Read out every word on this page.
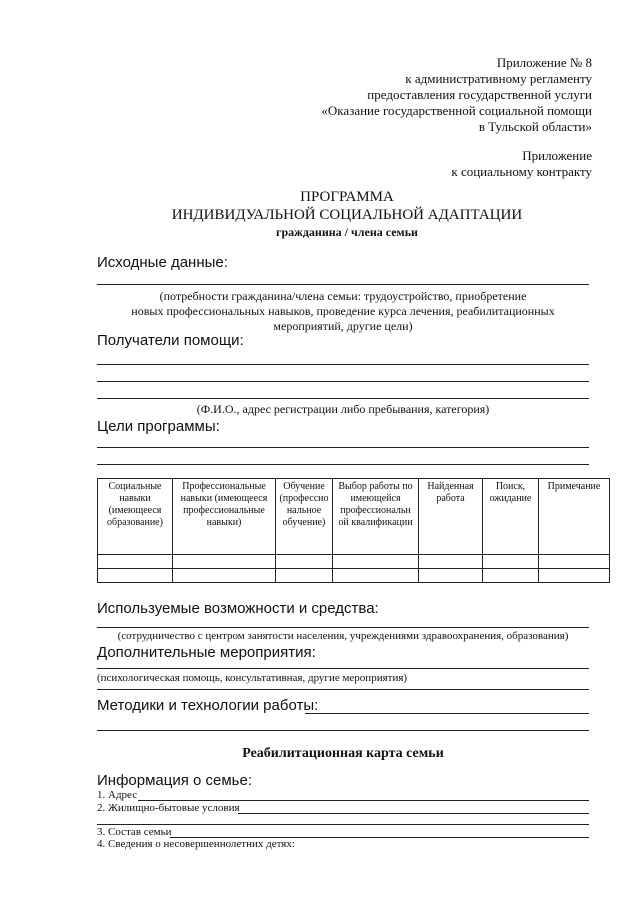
Приложение № 8
к административному регламенту
предоставления государственной услуги
«Оказание государственной социальной помощи
в Тульской области»
Приложение
к социальному контракту
ПРОГРАММА
ИНДИВИДУАЛЬНОЙ СОЦИАЛЬНОЙ АДАПТАЦИИ
гражданина / члена семьи
Исходные данные:
(потребности гражданина/члена семьи: трудоустройство, приобретение
новых профессиональных навыков, проведение курса лечения, реабилитационных
мероприятий, другие цели)
Получатели помощи:
(Ф.И.О., адрес регистрации либо пребывания, категория)
Цели программы:
Социальные навыки (имеющееся образование)	Профессиональные навыки (имеющееся профессиональные навыки)	Обучение (профессио нальное обучение)	Выбор работы по имеющейся профессиональн ой квалификации	Найденная работа	Поиск, ожидание	Примечание

Используемые возможности и средства:
(сотрудничество с центром занятости населения, учреждениями здравоохранения, образования)
Дополнительные мероприятия:
(психологическая помощь, консультативная, другие мероприятия)
Методики и технологии работы:
Реабилитационная карта семьи
Информация о семье:
1. Адрес
2. Жилищно-бытовые условия
3. Состав семьи
4. Сведения о несовершеннолетних детях:
